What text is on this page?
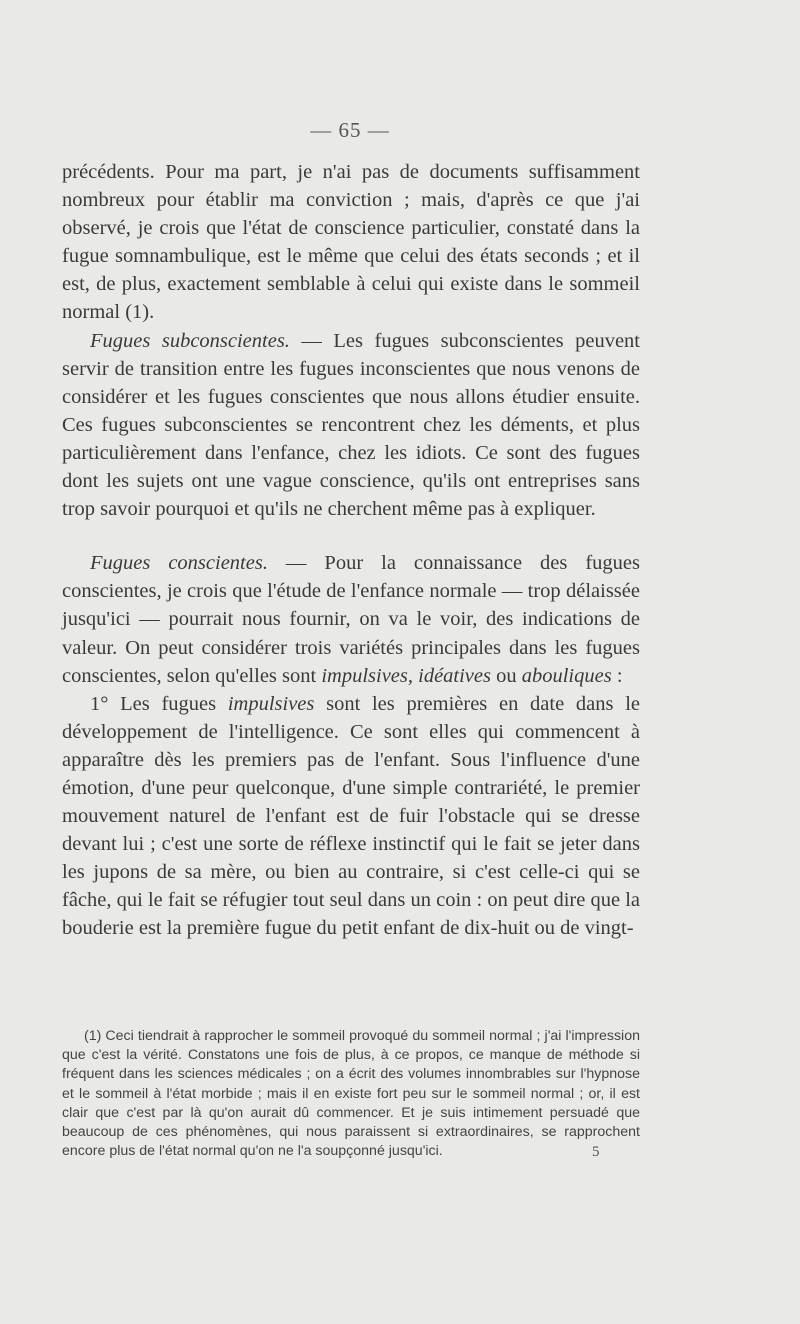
— 65 —

précédents. Pour ma part, je n'ai pas de documents suffisamment nombreux pour établir ma conviction ; mais, d'après ce que j'ai observé, je crois que l'état de conscience particulier, constaté dans la fugue somnambulique, est le même que celui des états seconds ; et il est, de plus, exactement semblable à celui qui existe dans le sommeil normal (1).

Fugues subconscientes. — Les fugues subconscientes peuvent servir de transition entre les fugues inconscientes que nous venons de considérer et les fugues conscientes que nous allons étudier ensuite. Ces fugues subconscientes se rencontrent chez les déments, et plus particulièrement dans l'enfance, chez les idiots. Ce sont des fugues dont les sujets ont une vague conscience, qu'ils ont entreprises sans trop savoir pourquoi et qu'ils ne cherchent même pas à expliquer.

Fugues conscientes. — Pour la connaissance des fugues conscientes, je crois que l'étude de l'enfance normale — trop délaissée jusqu'ici — pourrait nous fournir, on va le voir, des indications de valeur. On peut considérer trois variétés principales dans les fugues conscientes, selon qu'elles sont impulsives, idéatives ou abouliques :

1° Les fugues impulsives sont les premières en date dans le développement de l'intelligence. Ce sont elles qui commencent à apparaître dès les premiers pas de l'enfant. Sous l'influence d'une émotion, d'une peur quelconque, d'une simple contrariété, le premier mouvement naturel de l'enfant est de fuir l'obstacle qui se dresse devant lui ; c'est une sorte de réflexe instinctif qui le fait se jeter dans les jupons de sa mère, ou bien au contraire, si c'est celle-ci qui se fâche, qui le fait se réfugier tout seul dans un coin : on peut dire que la bouderie est la première fugue du petit enfant de dix-huit ou de vingt-

(1) Ceci tiendrait à rapprocher le sommeil provoqué du sommeil normal ; j'ai l'impression que c'est la vérité. Constatons une fois de plus, à ce propos, ce manque de méthode si fréquent dans les sciences médicales ; on a écrit des volumes innombrables sur l'hypnose et le sommeil à l'état morbide ; mais il en existe fort peu sur le sommeil normal ; or, il est clair que c'est par là qu'on aurait dû commencer. Et je suis intimement persuadé que beaucoup de ces phénomènes, qui nous paraissent si extraordinaires, se rapprochent encore plus de l'état normal qu'on ne l'a soupçonné jusqu'ici.	5
